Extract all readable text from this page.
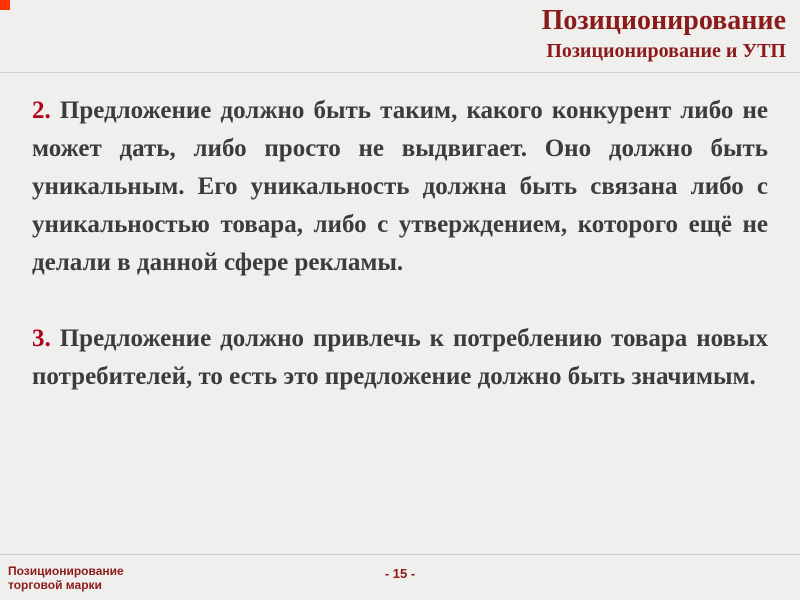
Позиционирование
Позиционирование и УТП

2. Предложение должно быть таким, какого конкурент либо не может дать, либо просто не выдвигает. Оно должно быть уникальным. Его уникальность должна быть связана либо с уникальностью товара, либо с утверждением, которого ещё не делали в данной сфере рекламы.

3. Предложение должно привлечь к потреблению товара новых потребителей, то есть это предложение должно быть значимым.

Позиционирование
торговой марки
- 15 -
